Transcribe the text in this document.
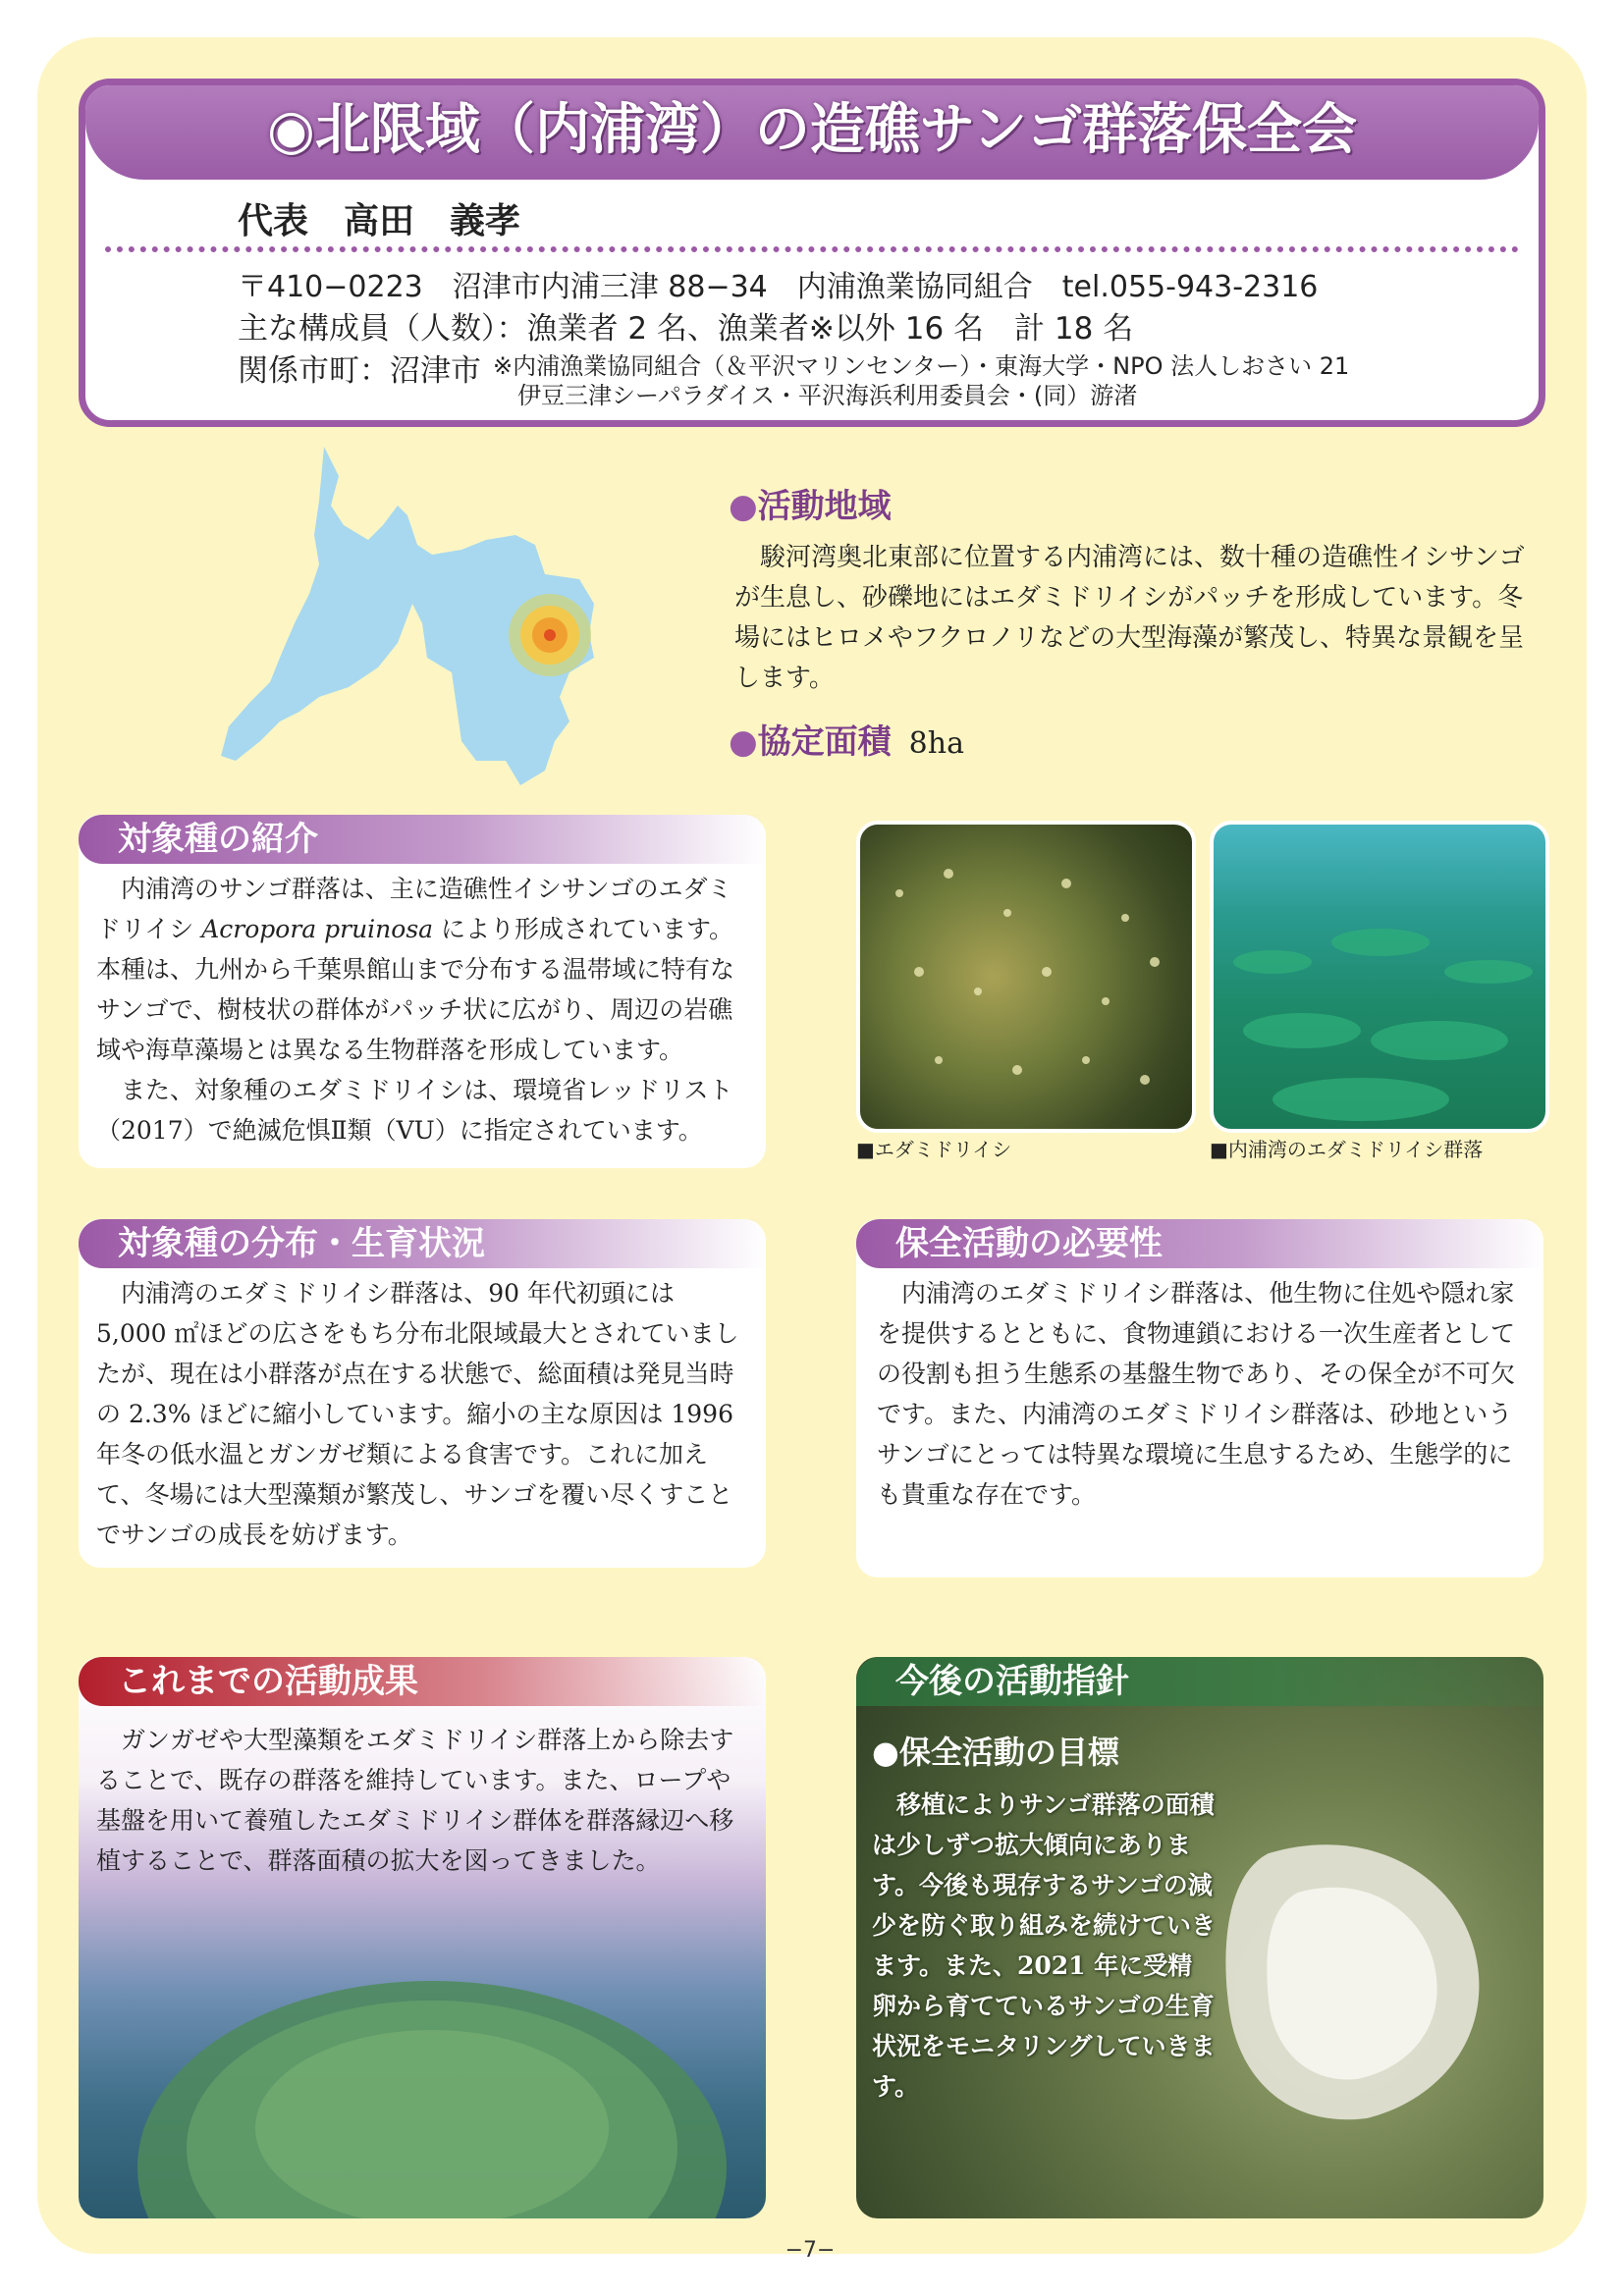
◉北限域（内浦湾）の造礁サンゴ群落保全会
代表　高田　義孝
〒410−0223　沼津市内浦三津 88−34　内浦漁業協同組合　tel.055-943-2316
主な構成員（人数）：漁業者 2 名、漁業者※以外 16 名　計 18 名
関係市町：沼津市 ※内浦漁業協同組合（＆平沢マリンセンター）・東海大学・NPO 法人しおさい 21
伊豆三津シーパラダイス・平沢海浜利用委員会・(同）游渚
●活動地域
駿河湾奥北東部に位置する内浦湾には、数十種の造礁性イシサンゴが生息し、砂礫地にはエダミドリイシがパッチを形成しています。冬場にはヒロメやフクロノリなどの大型海藻が繁茂し、特異な景観を呈します。
●協定面積 8ha
対象種の紹介
内浦湾のサンゴ群落は、主に造礁性イシサンゴのエダミドリイシ Acropora pruinosa により形成されています。本種は、九州から千葉県館山まで分布する温帯域に特有なサンゴで、樹枝状の群体がパッチ状に広がり、周辺の岩礁域や海草藻場とは異なる生物群落を形成しています。
また、対象種のエダミドリイシは、環境省レッドリスト（2017）で絶滅危惧Ⅱ類（VU）に指定されています。
■エダミドリイシ	■内浦湾のエダミドリイシ群落
対象種の分布・生育状況
内浦湾のエダミドリイシ群落は、90 年代初頭には 5,000 ㎡ほどの広さをもち分布北限域最大とされていましたが、現在は小群落が点在する状態で、総面積は発見当時の 2.3% ほどに縮小しています。縮小の主な原因は 1996 年冬の低水温とガンガゼ類による食害です。これに加えて、冬場には大型藻類が繁茂し、サンゴを覆い尽くすことでサンゴの成長を妨げます。
保全活動の必要性
内浦湾のエダミドリイシ群落は、他生物に住処や隠れ家を提供するとともに、食物連鎖における一次生産者としての役割も担う生態系の基盤生物であり、その保全が不可欠です。また、内浦湾のエダミドリイシ群落は、砂地というサンゴにとっては特異な環境に生息するため、生態学的にも貴重な存在です。
これまでの活動成果
ガンガゼや大型藻類をエダミドリイシ群落上から除去することで、既存の群落を維持しています。また、ロープや基盤を用いて養殖したエダミドリイシ群体を群落縁辺へ移植することで、群落面積の拡大を図ってきました。
今後の活動指針
●保全活動の目標
移植によりサンゴ群落の面積は少しずつ拡大傾向にあります。今後も現存するサンゴの減少を防ぐ取り組みを続けていきます。また、2021 年に受精卵から育てているサンゴの生育状況をモニタリングしていきます。
−7−
